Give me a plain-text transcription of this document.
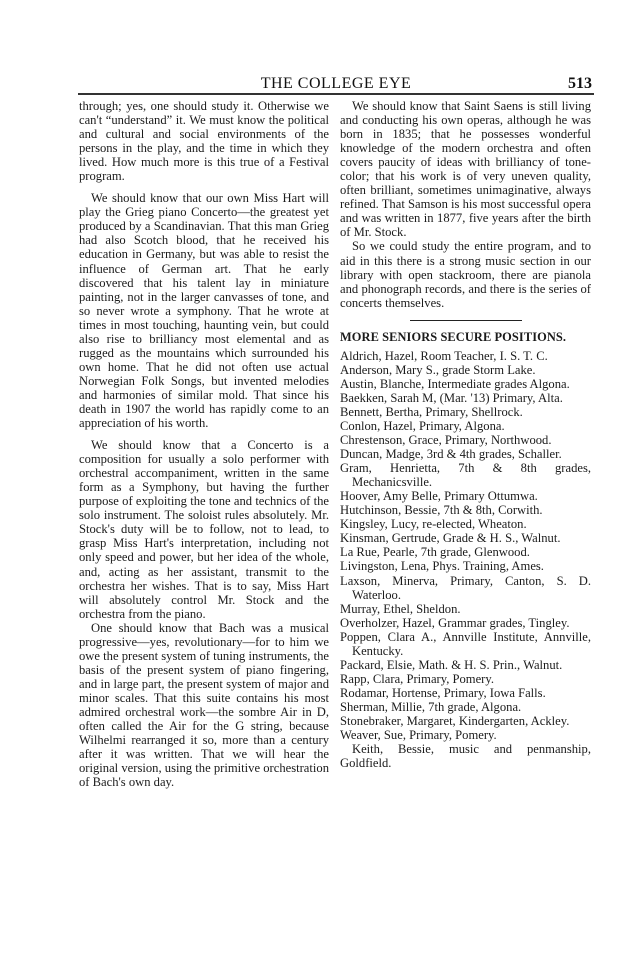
THE COLLEGE EYE	513

through; yes, one should study it. Otherwise we can't “understand” it. We must know the political and cultural and social environments of the persons in the play, and the time in which they lived. How much more is this true of a Festival program.

We should know that our own Miss Hart will play the Grieg piano Concerto—the greatest yet produced by a Scandinavian. That this man Grieg had also Scotch blood, that he received his education in Germany, but was able to resist the influence of German art. That he early discovered that his talent lay in miniature painting, not in the larger canvasses of tone, and so never wrote a symphony. That he wrote at times in most touching, haunting vein, but could also rise to brilliancy most elemental and as rugged as the mountains which surrounded his own home. That he did not often use actual Norwegian Folk Songs, but invented melodies and harmonies of similar mold. That since his death in 1907 the world has rapidly come to an appreciation of his worth.

We should know that a Concerto is a composition for usually a solo performer with orchestral accompaniment, written in the same form as a Symphony, but having the further purpose of exploiting the tone and technics of the solo instrument. The soloist rules absolutely. Mr. Stock's duty will be to follow, not to lead, to grasp Miss Hart's interpretation, including not only speed and power, but her idea of the whole, and, acting as her assistant, transmit to the orchestra her wishes. That is to say, Miss Hart will absolutely control Mr. Stock and the orchestra from the piano.

One should know that Bach was a musical progressive—yes, revolutionary—for to him we owe the present system of tuning instruments, the basis of the present system of piano fingering, and in large part, the present system of major and minor scales. That this suite contains his most admired orchestral work—the sombre Air in D, often called the Air for the G string, because Wilhelmi rearranged it so, more than a century after it was written. That we will hear the original version, using the primitive orchestration of Bach's own day.

We should know that Saint Saens is still living and conducting his own operas, although he was born in 1835; that he possesses wonderful knowledge of the modern orchestra and often covers paucity of ideas with brilliancy of tone-color; that his work is of very uneven quality, often brilliant, sometimes unimaginative, always refined. That Samson is his most successful opera and was written in 1877, five years after the birth of Mr. Stock.

So we could study the entire program, and to aid in this there is a strong music section in our library with open stackroom, there are pianola and phonograph records, and there is the series of concerts themselves.

MORE SENIORS SECURE POSITIONS.
Aldrich, Hazel, Room Teacher, I. S. T. C.
Anderson, Mary S., grade Storm Lake.
Austin, Blanche, Intermediate grades Algona.
Baekken, Sarah M, (Mar. '13) Primary, Alta.
Bennett, Bertha, Primary, Shellrock.
Conlon, Hazel, Primary, Algona.
Chrestenson, Grace, Primary, Northwood.
Duncan, Madge, 3rd & 4th grades, Schaller.
Gram, Henrietta, 7th & 8th grades, Mechanicsville.
Hoover, Amy Belle, Primary Ottumwa.
Hutchinson, Bessie, 7th & 8th, Corwith.
Kingsley, Lucy, re-elected, Wheaton.
Kinsman, Gertrude, Grade & H. S., Walnut.
La Rue, Pearle, 7th grade, Glenwood.
Livingston, Lena, Phys. Training, Ames.
Laxson, Minerva, Primary, Canton, S. D. Waterloo.
Murray, Ethel, Sheldon.
Overholzer, Hazel, Grammar grades, Tingley.
Poppen, Clara A., Annville Institute, Annville, Kentucky.
Packard, Elsie, Math. & H. S. Prin., Walnut.
Rapp, Clara, Primary, Pomery.
Rodamar, Hortense, Primary, Iowa Falls.
Sherman, Millie, 7th grade, Algona.
Stonebraker, Margaret, Kindergarten, Ackley.
Weaver, Sue, Primary, Pomery.
Keith, Bessie, music and penmanship, Goldfield.
